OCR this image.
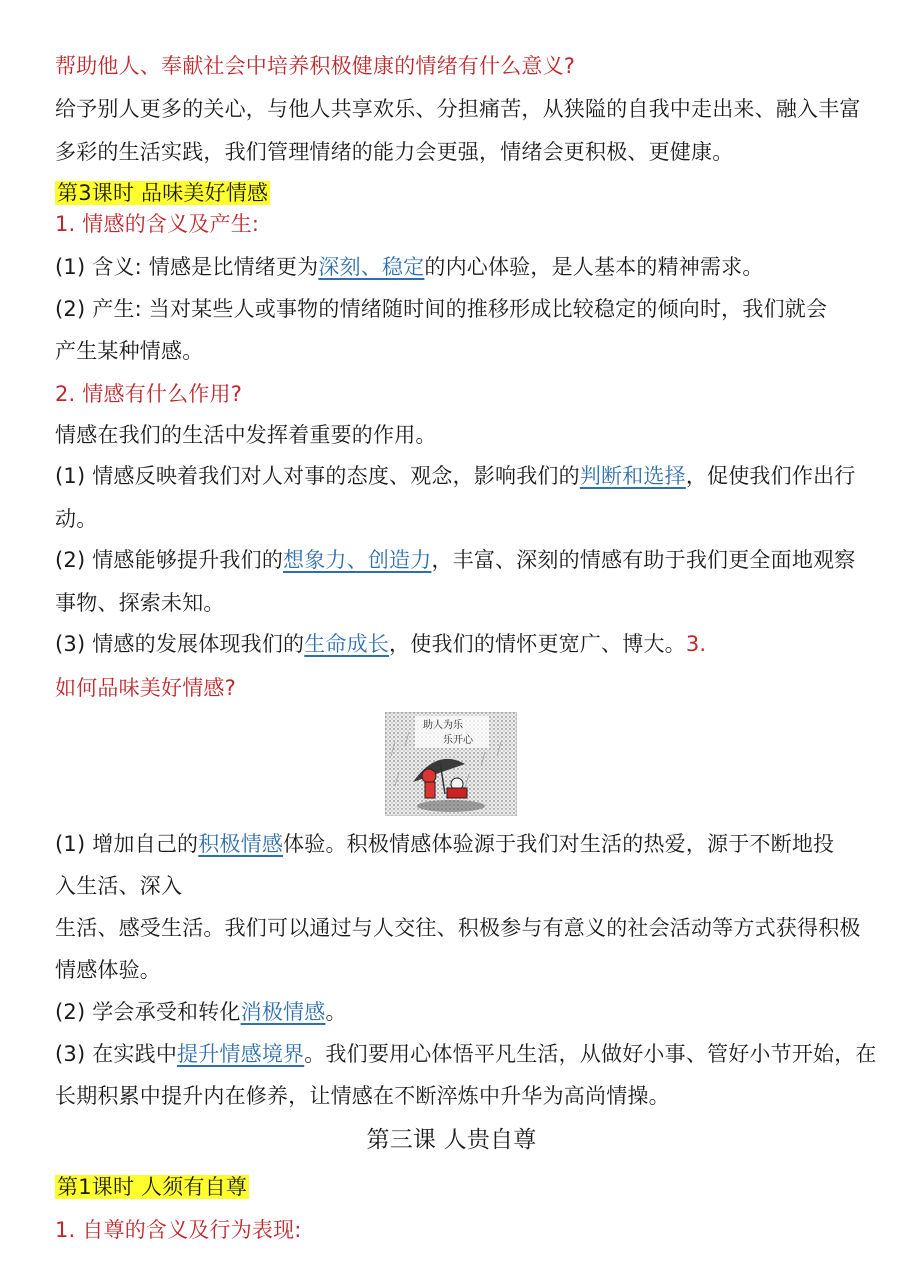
帮助他人、奉献社会中培养积极健康的情绪有什么意义?
给予别人更多的关心，与他人共享欢乐、分担痛苦，从狭隘的自我中走出来、融入丰富
多彩的生活实践，我们管理情绪的能力会更强，情绪会更积极、更健康。
第3课时 品味美好情感
1. 情感的含义及产生:
(1) 含义: 情感是比情绪更为深刻、稳定的内心体验，是人基本的精神需求。
(2) 产生: 当对某些人或事物的情绪随时间的推移形成比较稳定的倾向时，我们就会
产生某种情感。
2. 情感有什么作用?
情感在我们的生活中发挥着重要的作用。
(1) 情感反映着我们对人对事的态度、观念，影响我们的判断和选择，促使我们作出行
动。
(2) 情感能够提升我们的想象力、创造力，丰富、深刻的情感有助于我们更全面地观察
事物、探索未知。
(3) 情感的发展体现我们的生命成长，使我们的情怀更宽广、博大。3.
如何品味美好情感?
助人为乐
乐开心
(1) 增加自己的积极情感体验。积极情感体验源于我们对生活的热爱，源于不断地投
入生活、深入
生活、感受生活。我们可以通过与人交往、积极参与有意义的社会活动等方式获得积极
情感体验。
(2) 学会承受和转化消极情感。
(3) 在实践中提升情感境界。我们要用心体悟平凡生活，从做好小事、管好小节开始，在
长期积累中提升内在修养，让情感在不断淬炼中升华为高尚情操。
第三课 人贵自尊
第1课时 人须有自尊
1. 自尊的含义及行为表现:
